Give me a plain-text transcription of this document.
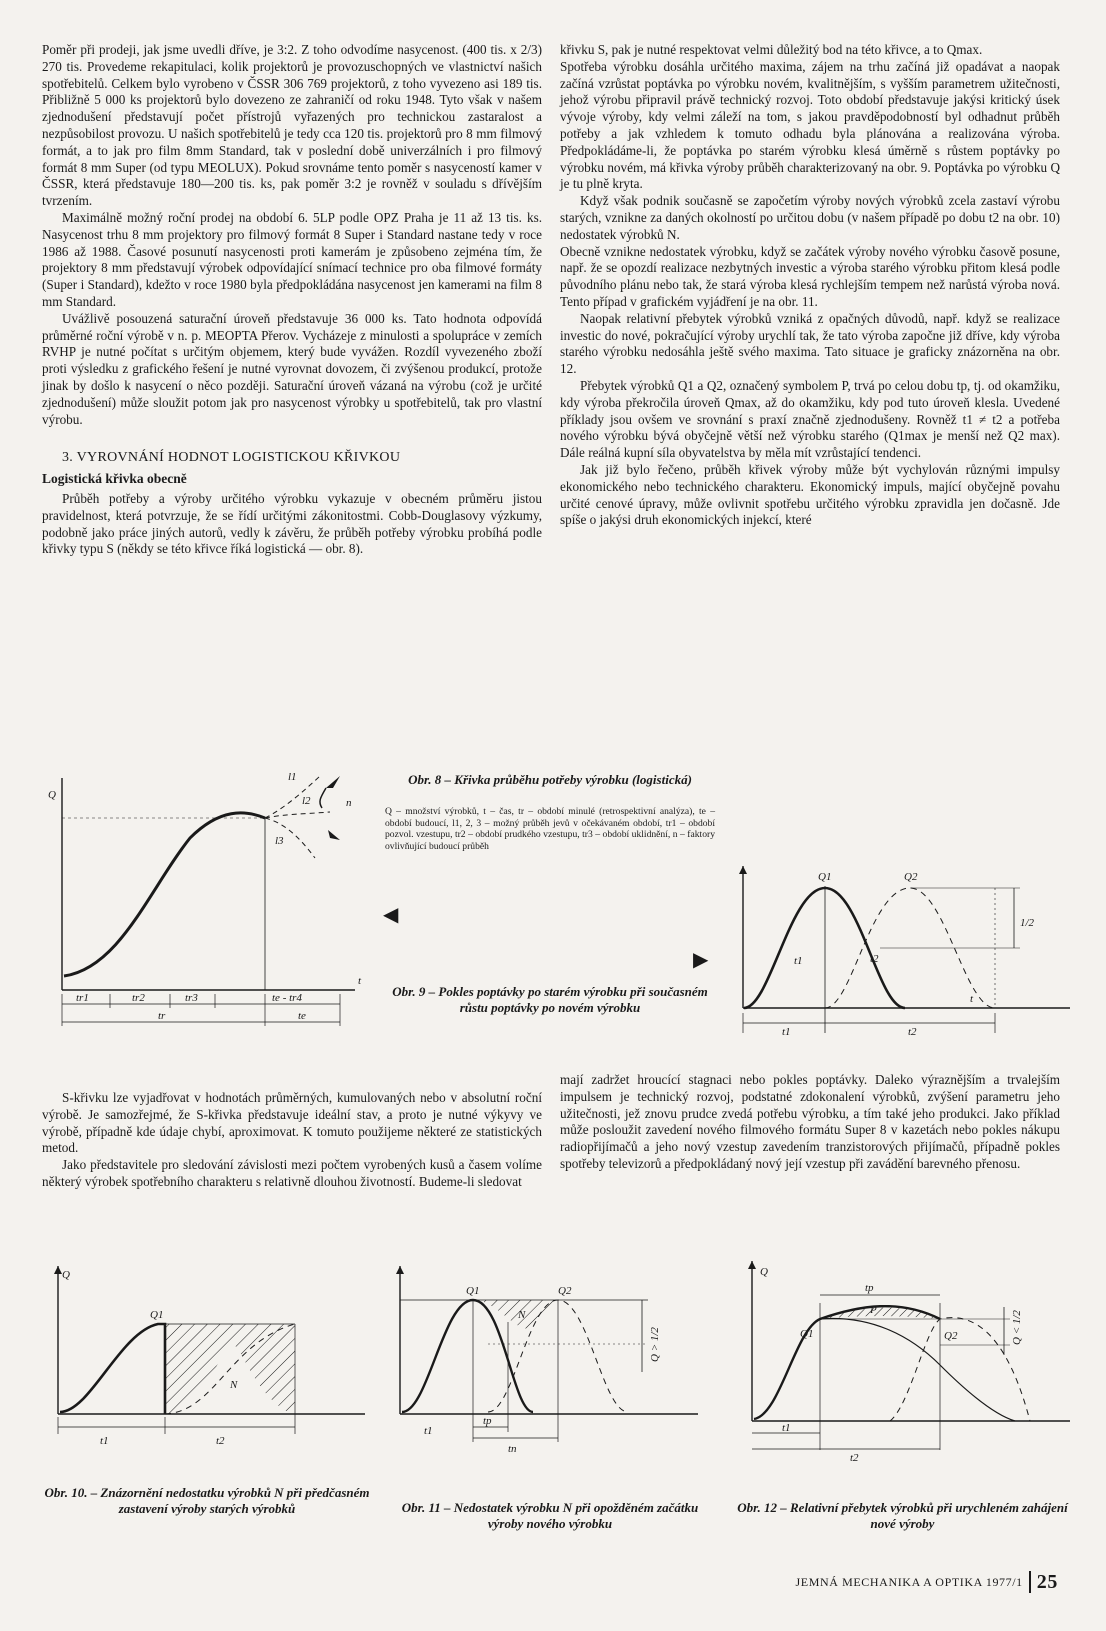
Poměr při prodeji, jak jsme uvedli dříve, je 3:2. Z toho odvodíme nasycenost. (400 tis. x 2/3) 270 tis. Provedeme rekapitulaci, kolik projektorů je provozuschopných ve vlastnictví našich spotřebitelů. Celkem bylo vyrobeno v ČSSR 306 769 projektorů, z toho vyvezeno asi 189 tis. Přibližně 5 000 ks projektorů bylo dovezeno ze zahraničí od roku 1948. Tyto však v našem zjednodušení představují počet přístrojů vyřazených pro technickou zastaralost a nezpůsobilost provozu. U našich spotřebitelů je tedy cca 120 tis. projektorů pro 8 mm filmový formát, a to jak pro film 8mm Standard, tak v poslední době univerzálních i pro filmový formát 8 mm Super (od typu MEOLUX). Pokud srovnáme tento poměr s nasyceností kamer v ČSSR, která představuje 180—200 tis. ks, pak poměr 3:2 je rovněž v souladu s dřívějším tvrzením.

Maximálně možný roční prodej na období 6. 5LP podle OPZ Praha je 11 až 13 tis. ks. Nasycenost trhu 8 mm projektory pro filmový formát 8 Super i Standard nastane tedy v roce 1986 až 1988. Časové posunutí nasycenosti proti kamerám je způsobeno zejména tím, že projektory 8 mm představují výrobek odpovídající snímací technice pro oba filmové formáty (Super i Standard), kdežto v roce 1980 byla předpokládána nasycenost jen kamerami na film 8 mm Standard.

Uvážlivě posouzená saturační úroveň představuje 36 000 ks. Tato hodnota odpovídá průměrné roční výrobě v n. p. MEOPTA Přerov. Vycházeje z minulosti a spolupráce v zemích RVHP je nutné počítat s určitým objemem, který bude vyvážen. Rozdíl vyvezeného zboží proti výsledku z grafického řešení je nutné vyrovnat dovozem, či zvýšenou produkcí, protože jinak by došlo k nasycení o něco později. Saturační úroveň vázaná na výrobu (což je určité zjednodušení) může sloužit potom jak pro nasycenost výrobky u spotřebitelů, tak pro vlastní výrobu.

3. VYROVNÁNÍ HODNOT LOGISTICKOU KŘIVKOU
Logistická křivka obecně

Průběh potřeby a výroby určitého výrobku vykazuje v obecném průměru jistou pravidelnost, která potvrzuje, že se řídí určitými zákonitostmi. Cobb-Douglasovy výzkumy, podobně jako práce jiných autorů, vedly k závěru, že průběh potřeby výrobku probíhá podle křivky typu S (někdy se této křivce říká logistická — obr. 8).

křivku S, pak je nutné respektovat velmi důležitý bod na této křivce, a to Qmax.

Spotřeba výrobku dosáhla určitého maxima, zájem na trhu začíná již opadávat a naopak začíná vzrůstat poptávka po výrobku novém, kvalitnějším, s vyšším parametrem užitečnosti, jehož výrobu připravil právě technický rozvoj. Toto období představuje jakýsi kritický úsek vývoje výroby, kdy velmi záleží na tom, s jakou pravděpodobností byl odhadnut průběh potřeby a jak vzhledem k tomuto odhadu byla plánována a realizována výroba. Předpokládáme-li, že poptávka po starém výrobku klesá úměrně s růstem poptávky po výrobku novém, má křivka výroby průběh charakterizovaný na obr. 9. Poptávka po výrobku Q je tu plně kryta.

Když však podnik současně se započetím výroby nových výrobků zcela zastaví výrobu starých, vznikne za daných okolností po určitou dobu (v našem případě po dobu t2 na obr. 10) nedostatek výrobků N.

Obecně vznikne nedostatek výrobku, když se začátek výroby nového výrobku časově posune, např. že se opozdí realizace nezbytných investic a výroba starého výrobku přitom klesá podle původního plánu nebo tak, že stará výroba klesá rychlejším tempem než narůstá výroba nová. Tento případ v grafickém vyjádření je na obr. 11.

Naopak relativní přebytek výrobků vzniká z opačných důvodů, např. když se realizace investic do nové, pokračující výroby urychlí tak, že tato výroba započne již dříve, kdy výroba starého výrobku nedosáhla ještě svého maxima. Tato situace je graficky znázorněna na obr. 12.

Přebytek výrobků Q1 a Q2, označený symbolem P, trvá po celou dobu tp, tj. od okamžiku, kdy výroba překročila úroveň Qmax, až do okamžiku, kdy pod tuto úroveň klesla. Uvedené příklady jsou ovšem ve srovnání s praxí značně zjednodušeny. Rovněž t1 ≠ t2 a potřeba nového výrobku bývá obyčejně větší než výrobku starého (Q1max je menší než Q2 max). Dále reálná kupní síla obyvatelstva by měla mít vzrůstající tendenci.

Jak již bylo řečeno, průběh křivek výroby může být vychylován různými impulsy ekonomického nebo technického charakteru. Ekonomický impuls, mající obyčejně povahu určité cenové úpravy, může ovlivnit spotřebu určitého výrobku zpravidla jen dočasně. Jde spíše o jakýsi druh ekonomických injekcí, které

Q
t
l1
l2
l3
n
tr1	tr2	tr3	te - tr4
tr	te
Obr. 8 – Křivka průběhu potřeby výrobku (logistická)
Q – množství výrobků, t – čas, tr – období minulé (retrospektivní analýza), te – období budoucí, l1, 2, 3 – možný průběh jevů v očekávaném období, tr1 – období pozvol. vzestupu, tr2 – období prudkého vzestupu, tr3 – období uklidnění, n – faktory ovlivňující budoucí průběh
◀
▶
Q1	Q2
t1	t2
1/2
t
t1	t2
Obr. 9 – Pokles poptávky po starém výrobku při současném růstu poptávky po novém výrobku

S-křivku lze vyjadřovat v hodnotách průměrných, kumulovaných nebo v absolutní roční výrobě. Je samozřejmé, že S-křivka představuje ideální stav, a proto je nutné výkyvy ve výrobě, případně kde údaje chybí, aproximovat. K tomuto použijeme některé ze statistických metod.

Jako představitele pro sledování závislosti mezi počtem vyrobených kusů a časem volíme některý výrobek spotřebního charakteru s relativně dlouhou životností. Budeme-li sledovat

mají zadržet hroucící stagnaci nebo pokles poptávky. Daleko výraznějším a trvalejším impulsem je technický rozvoj, podstatné zdokonalení výrobků, zvýšení parametru jeho užitečnosti, jež znovu prudce zvedá potřebu výrobku, a tím také jeho produkci. Jako příklad může posloužit zavedení nového filmového formátu Super 8 v kazetách nebo pokles nákupu radiopřijímačů a jeho nový vzestup zavedením tranzistorových přijímačů, případně pokles spotřeby televizorů a předpokládaný nový její vzestup při zavádění barevného přenosu.

Q
Q1
N
t1	t2
Q1	Q2
N
t1
tp
tn
Q > 1/2
Q
Q1	Q2
P
tp
t1
t2
Q < 1/2
Obr. 10. – Znázornění nedostatku výrobků N při předčasném zastavení výroby starých výrobků	Obr. 11 – Nedostatek výrobku N při opožděném začátku výroby nového výrobku
Obr. 12 – Relativní přebytek výrobků při urychleném zahájení nové výroby
JEMNÁ MECHANIKA A OPTIKA 1977/1 25
